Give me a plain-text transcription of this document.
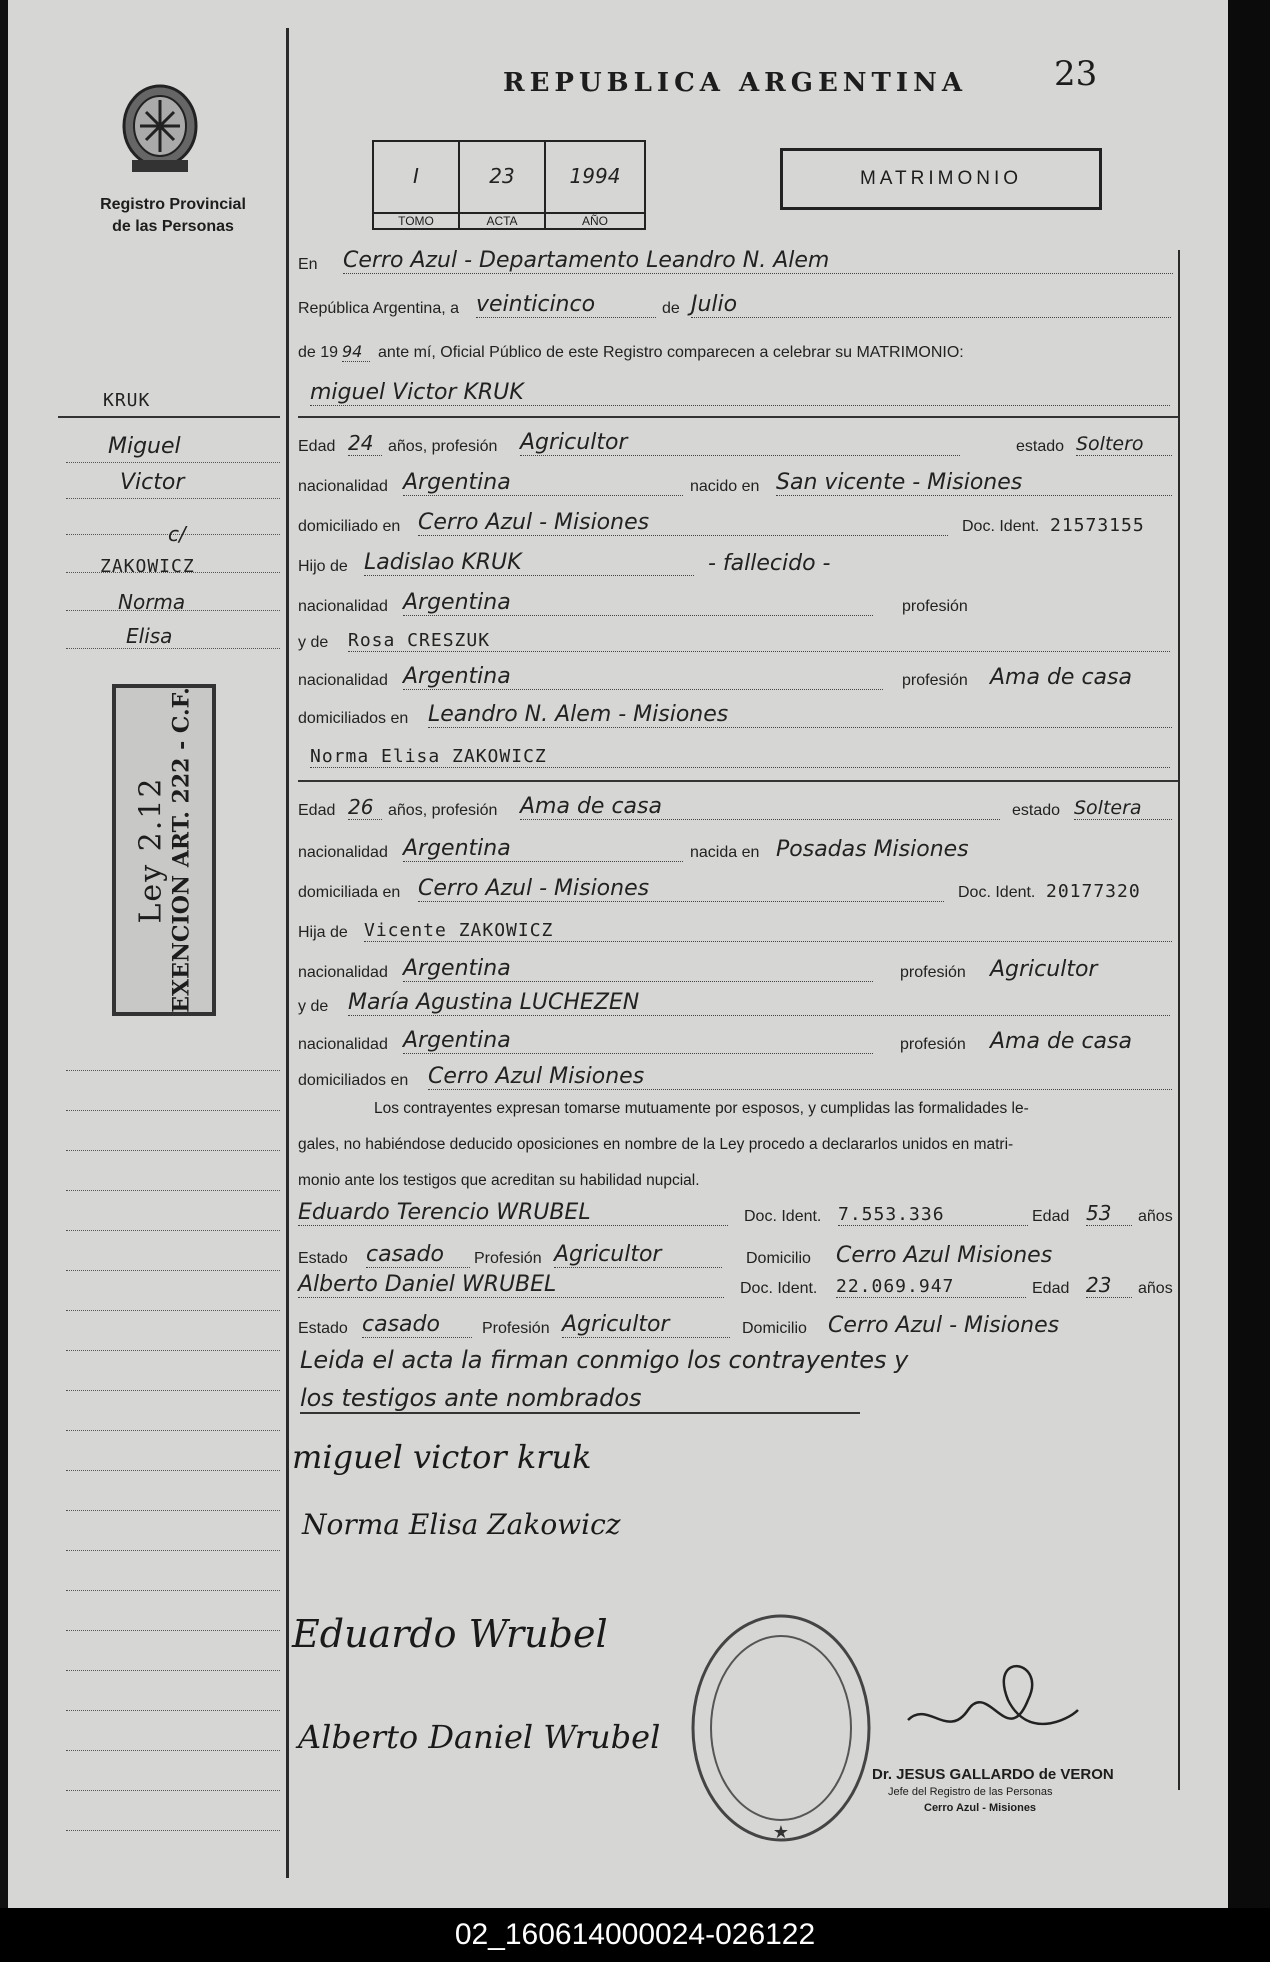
Registro Provincial
de las Personas
REPUBLICA ARGENTINA	23
I
TOMO
23
ACTA
1994
AÑO
MATRIMONIO
KRUK
Miguel
Victor
c/
ZAKOWICZ
Norma
Elisa
Ley 2.12 EXENCION ART. 222 - C.F.
En Cerro Azul - Departamento Leandro N. Alem
República Argentina, a veinticinco	de Julio
de 19 94 ante mí, Oficial Público de este Registro comparecen a celebrar su MATRIMONIO:
miguel Victor KRUK
Edad 24 años, profesión Agricultor	estado Soltero
nacionalidad Argentina	nacido en San vicente - Misiones
domiciliado en Cerro Azul - Misiones	Doc. Ident. 21573155
Hijo de Ladislao KRUK	- fallecido -
nacionalidad Argentina	profesión
y de Rosa CRESZUK
nacionalidad Argentina	profesión Ama de casa
domiciliados en Leandro N. Alem - Misiones
Norma Elisa ZAKOWICZ
Edad 26 años, profesión Ama de casa	estado Soltera
nacionalidad Argentina	nacida en Posadas Misiones
domiciliada en Cerro Azul - Misiones	Doc. Ident. 20177320
Hija de Vicente ZAKOWICZ
nacionalidad Argentina	profesión Agricultor
y de María Agustina LUCHEZEN
nacionalidad Argentina	profesión Ama de casa
domiciliados en Cerro Azul Misiones
Los contrayentes expresan tomarse mutuamente por esposos, y cumplidas las formalidades le-
gales, no habiéndose deducido oposiciones en nombre de la Ley procedo a declararlos unidos en matri-
monio ante los testigos que acreditan su habilidad nupcial.
Eduardo Terencio WRUBEL	Doc. Ident. 7.553.336	Edad 53	años
Estado casado	Profesión Agricultor	Domicilio Cerro Azul Misiones
Alberto Daniel WRUBEL	Doc. Ident. 22.069.947	Edad 23	años
Estado casado	Profesión Agricultor	Domicilio Cerro Azul - Misiones
Leida el acta la firman conmigo los contrayentes y
los testigos ante nombrados
miguel victor kruk
Norma Elisa Zakowicz
Eduardo Wrubel
Alberto Daniel Wrubel
★
Dr. JESUS GALLARDO de VERON
Jefe del Registro de las Personas
Cerro Azul - Misiones
02_160614000024-026122
